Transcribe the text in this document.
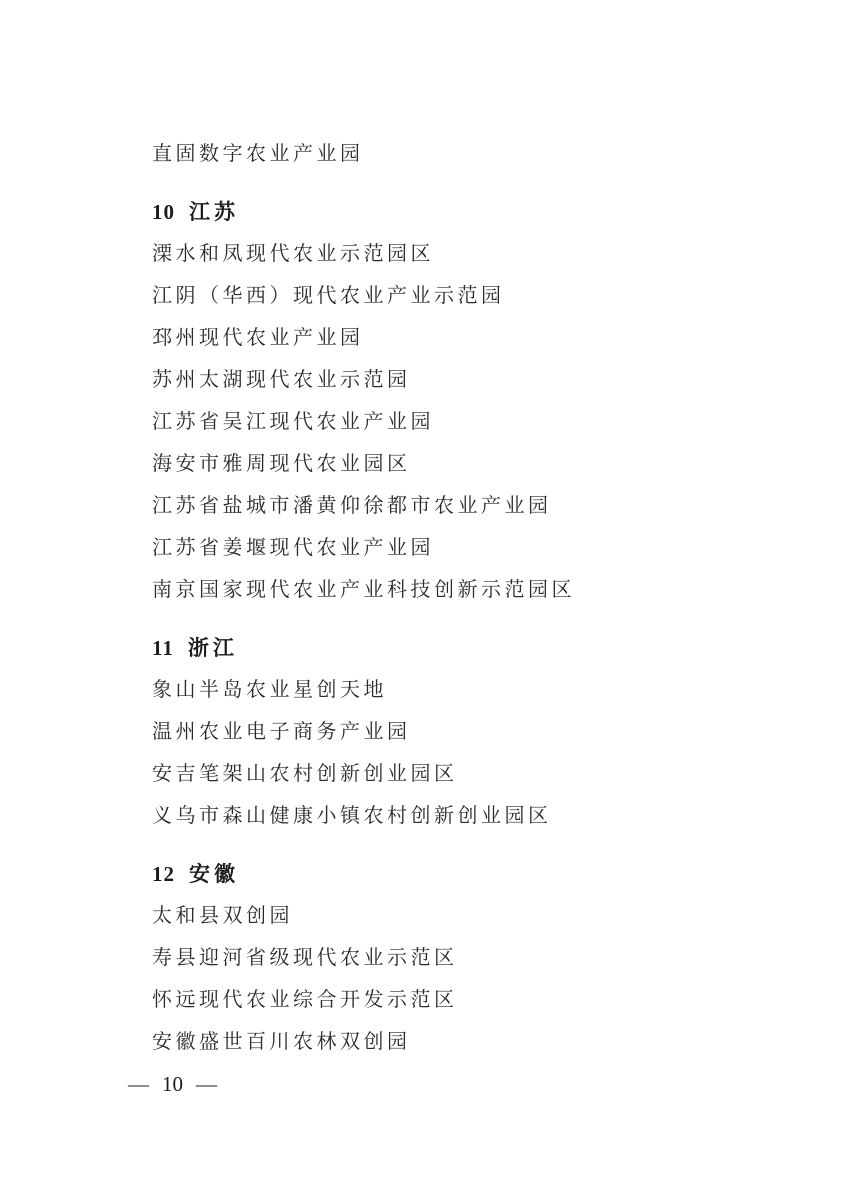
直固数字农业产业园

10 江苏

溧水和凤现代农业示范园区

江阴（华西）现代农业产业示范园

邳州现代农业产业园

苏州太湖现代农业示范园

江苏省吴江现代农业产业园

海安市雅周现代农业园区

江苏省盐城市潘黄仰徐都市农业产业园

江苏省姜堰现代农业产业园

南京国家现代农业产业科技创新示范园区

11 浙江

象山半岛农业星创天地

温州农业电子商务产业园

安吉笔架山农村创新创业园区

义乌市森山健康小镇农村创新创业园区

12 安徽

太和县双创园

寿县迎河省级现代农业示范区

怀远现代农业综合开发示范区

安徽盛世百川农林双创园

— 10 —
